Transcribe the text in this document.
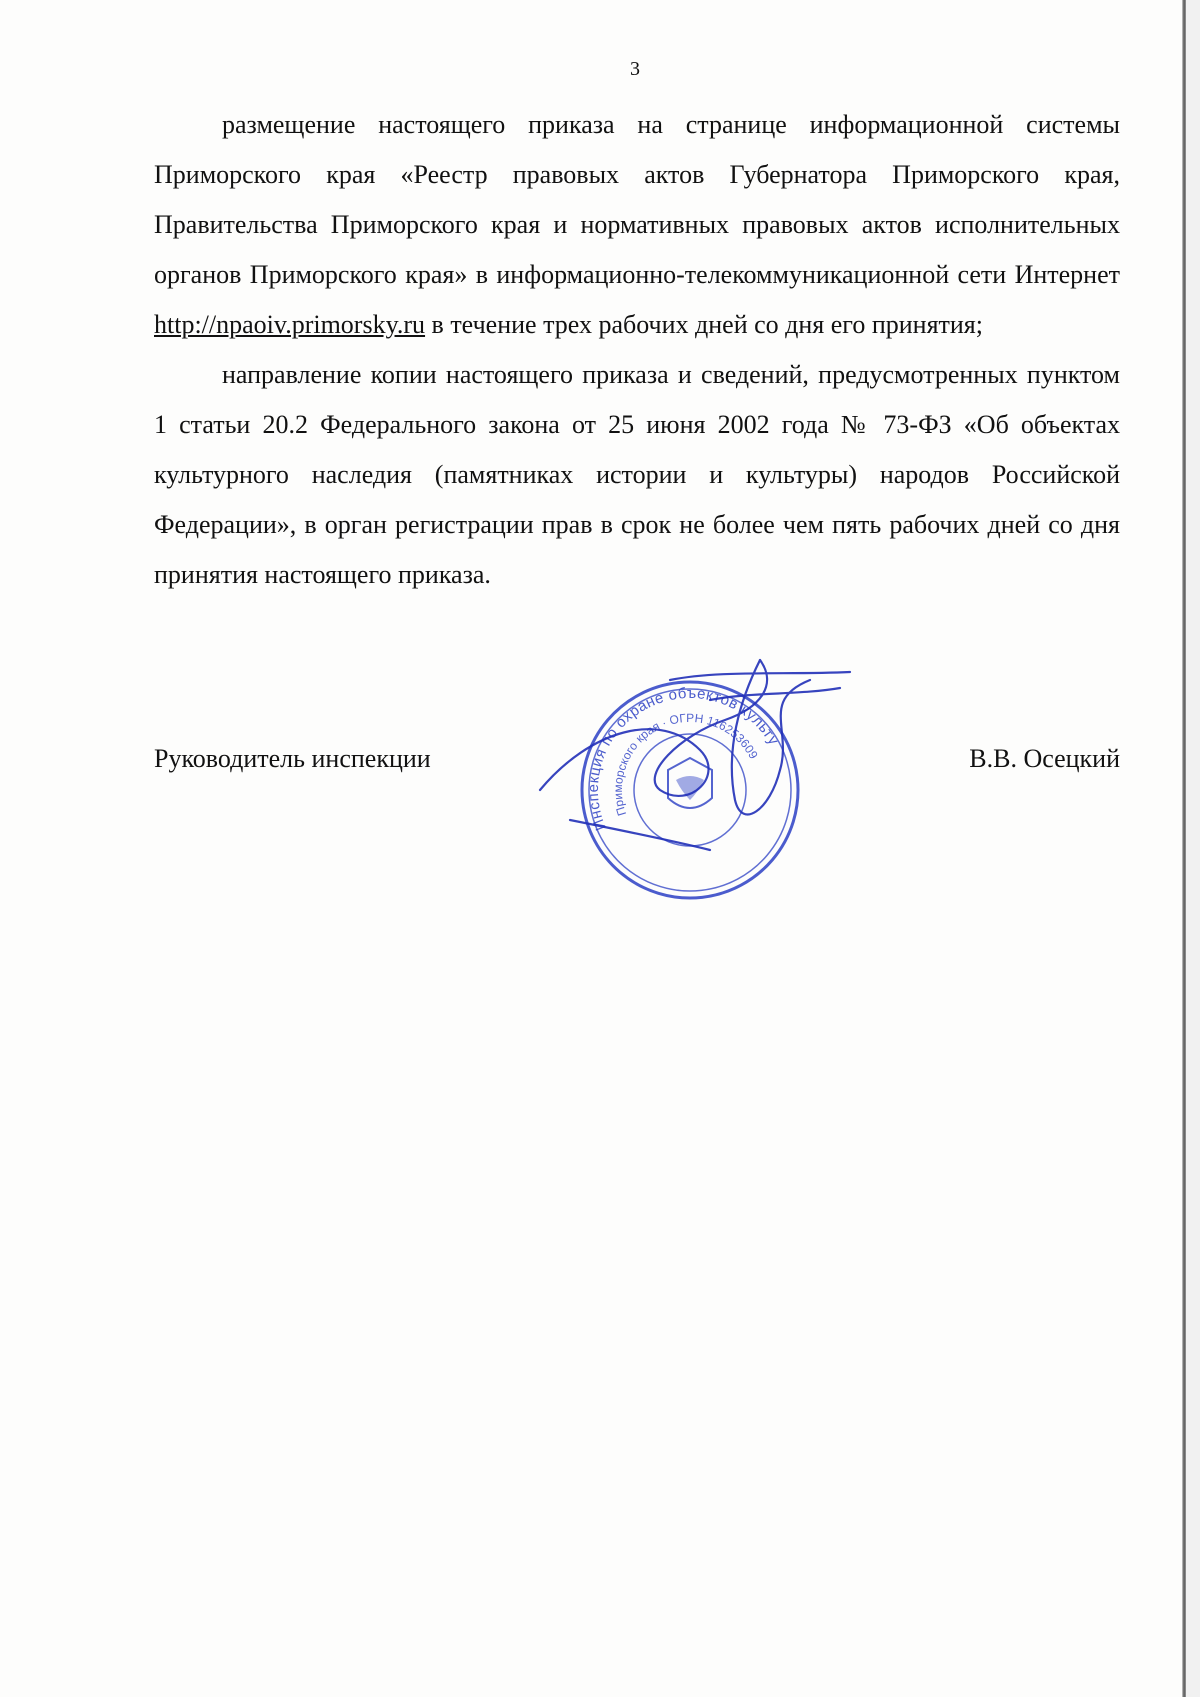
3

размещение настоящего приказа на странице информационной системы Приморского края «Реестр правовых актов Губернатора Приморского края, Правительства Приморского края и нормативных правовых актов исполнительных органов Приморского края» в информационно-телекоммуникационной сети Интернет http://npaoiv.primorsky.ru в течение трех рабочих дней со дня его принятия;

направление копии настоящего приказа и сведений, предусмотренных пунктом 1 статьи 20.2 Федерального закона от 25 июня 2002 года № 73-ФЗ «Об объектах культурного наследия (памятниках истории и культуры) народов Российской Федерации», в орган регистрации прав в срок не более чем пять рабочих дней со дня принятия настоящего приказа.

Руководитель инспекции	В.В. Осецкий
Инспекция по охране объектов культурного
Приморского края · ОГРН 1162536099087
